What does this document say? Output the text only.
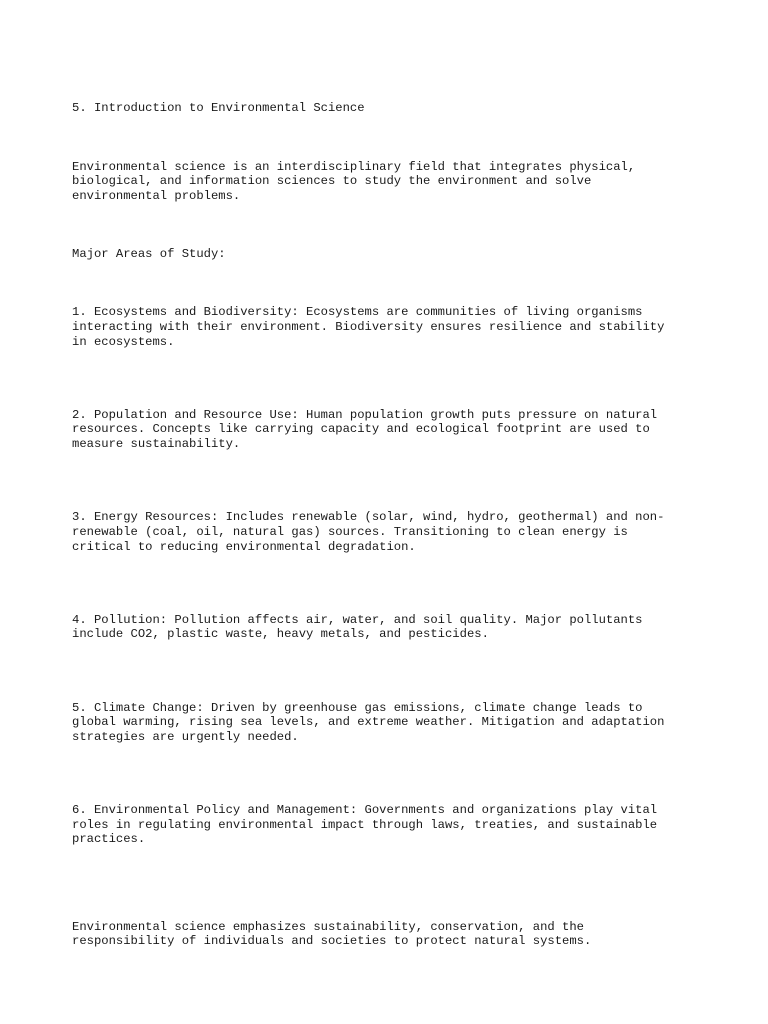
5. Introduction to Environmental Science

Environmental science is an interdisciplinary field that integrates physical,
biological, and information sciences to study the environment and solve
environmental problems.

Major Areas of Study:

1. Ecosystems and Biodiversity: Ecosystems are communities of living organisms
interacting with their environment. Biodiversity ensures resilience and stability
in ecosystems.

2. Population and Resource Use: Human population growth puts pressure on natural
resources. Concepts like carrying capacity and ecological footprint are used to
measure sustainability.

3. Energy Resources: Includes renewable (solar, wind, hydro, geothermal) and non-
renewable (coal, oil, natural gas) sources. Transitioning to clean energy is
critical to reducing environmental degradation.

4. Pollution: Pollution affects air, water, and soil quality. Major pollutants
include CO2, plastic waste, heavy metals, and pesticides.

5. Climate Change: Driven by greenhouse gas emissions, climate change leads to
global warming, rising sea levels, and extreme weather. Mitigation and adaptation
strategies are urgently needed.

6. Environmental Policy and Management: Governments and organizations play vital
roles in regulating environmental impact through laws, treaties, and sustainable
practices.

Environmental science emphasizes sustainability, conservation, and the
responsibility of individuals and societies to protect natural systems.
